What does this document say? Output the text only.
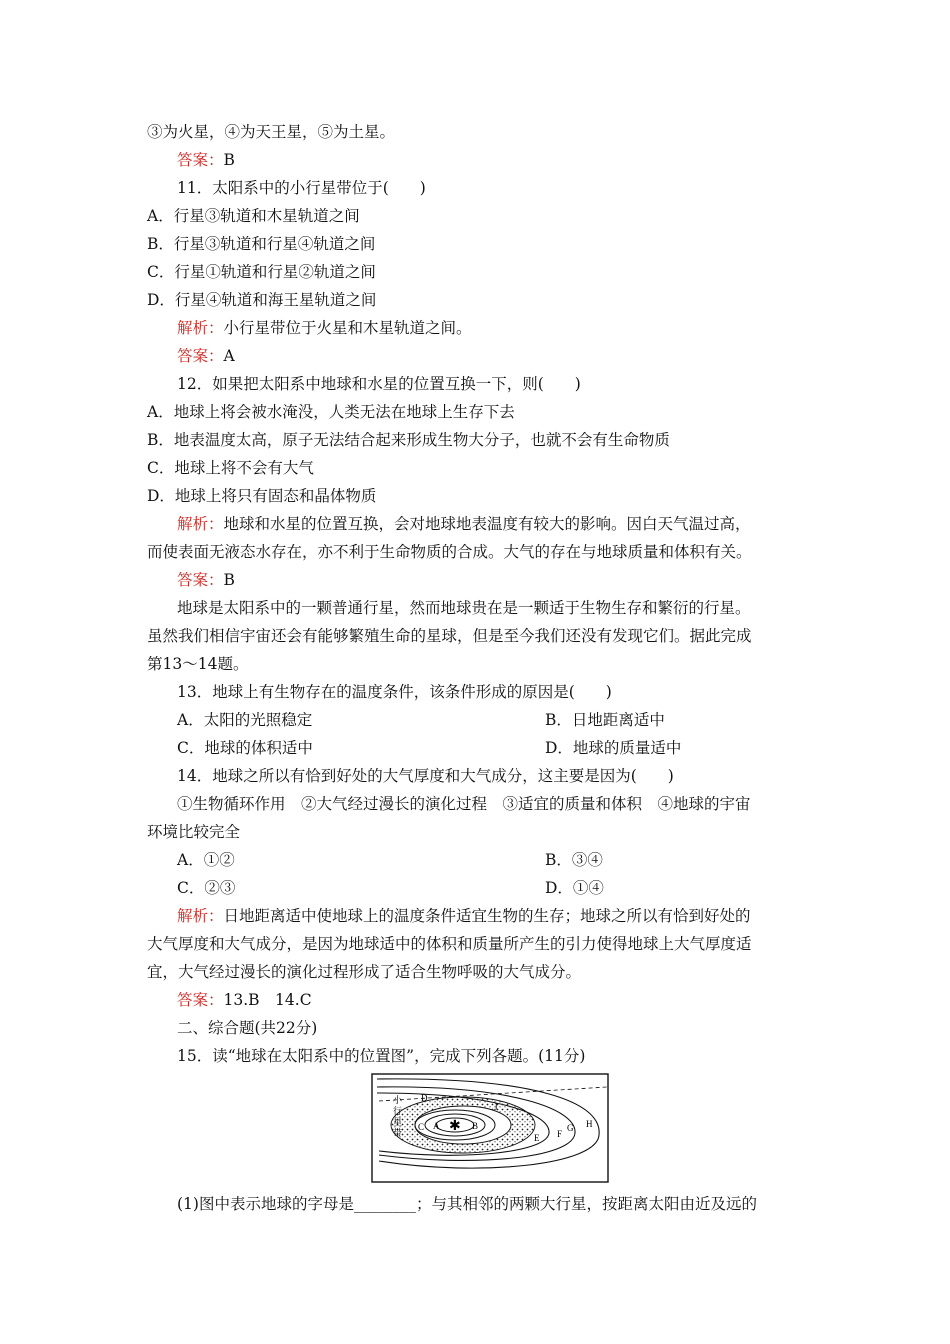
③为火星，④为天王星，⑤为土星。
答案：B
11．太阳系中的小行星带位于(　　)
A．行星③轨道和木星轨道之间
B．行星③轨道和行星④轨道之间
C．行星①轨道和行星②轨道之间
D．行星④轨道和海王星轨道之间
解析：小行星带位于火星和木星轨道之间。
答案：A
12．如果把太阳系中地球和水星的位置互换一下，则(　　)
A．地球上将会被水淹没，人类无法在地球上生存下去
B．地表温度太高，原子无法结合起来形成生物大分子，也就不会有生命物质
C．地球上将不会有大气
D．地球上将只有固态和晶体物质
解析：地球和水星的位置互换，会对地球地表温度有较大的影响。因白天气温过高，
而使表面无液态水存在，亦不利于生命物质的合成。大气的存在与地球质量和体积有关。
答案：B
地球是太阳系中的一颗普通行星，然而地球贵在是一颗适于生物生存和繁衍的行星。
虽然我们相信宇宙还会有能够繁殖生命的星球，但是至今我们还没有发现它们。据此完成
第13～14题。
13．地球上有生物存在的温度条件，该条件形成的原因是(　　)
A．太阳的光照稳定	B．日地距离适中
C．地球的体积适中	D．地球的质量适中
14．地球之所以有恰到好处的大气厚度和大气成分，这主要是因为(　　)
①生物循环作用　②大气经过漫长的演化过程　③适宜的质量和体积　④地球的宇宙
环境比较完全
A．①②	B．③④
C．②③	D．①④
解析：日地距离适中使地球上的温度条件适宜生物的生存；地球之所以有恰到好处的
大气厚度和大气成分，是因为地球适中的体积和质量所产生的引力使得地球上大气厚度适
宜，大气经过漫长的演化过程形成了适合生物呼吸的大气成分。
答案：13.B　14.C
二、综合题(共22分)
15．读“地球在太阳系中的位置图”，完成下列各题。(11分)
✱
A	B
C
D
E F
G H
J
小
行
星
带
(1)图中表示地球的字母是________；与其相邻的两颗大行星，按距离太阳由近及远的
